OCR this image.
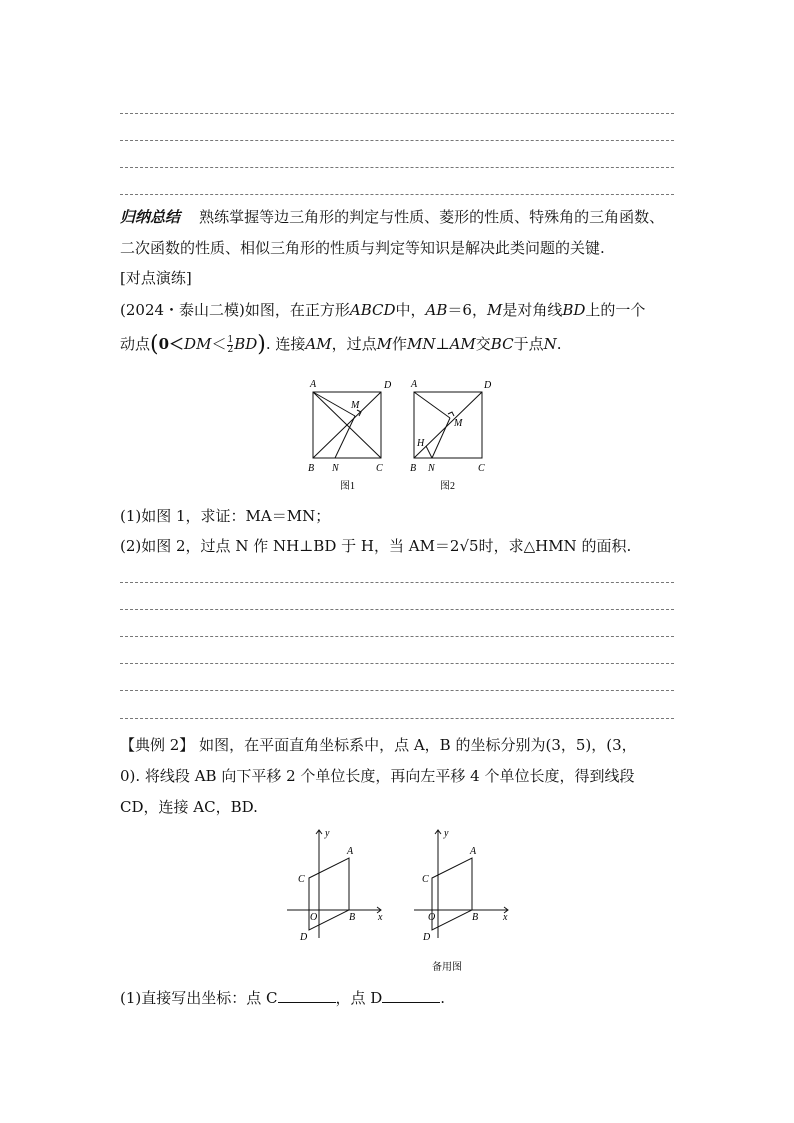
归纳总结 熟练掌握等边三角形的判定与性质、菱形的性质、特殊角的三角函数、
二次函数的性质、相似三角形的性质与判定等知识是解决此类问题的关键.
[对点演练]
(2024・泰山二模)如图，在正方形ABCD中，AB＝6，M是对角线BD上的一个
动点$(0<DM< \frac{1}{2} BD)$. 连接AM，过点M作MN⊥AM交BC于点N.
A	D
B N	C
M
图1
A	D
B N	C
M
H
图2
(1)如图 1，求证：MA＝MN；
(2)如图 2，过点 N 作 NH⊥BD 于 H，当 AM＝2√5时，求△HMN 的面积.
【典例 2】 如图，在平面直角坐标系中，点 A，B 的坐标分别为(3，5)，(3，
0). 将线段 AB 向下平移 2 个单位长度，再向左平移 4 个单位长度，得到线段
CD，连接 AC，BD.
y
x
A
C
O	B
D
y
x
A
C
O	B
D
备用图
(1)直接写出坐标：点 C	，点 D	.
